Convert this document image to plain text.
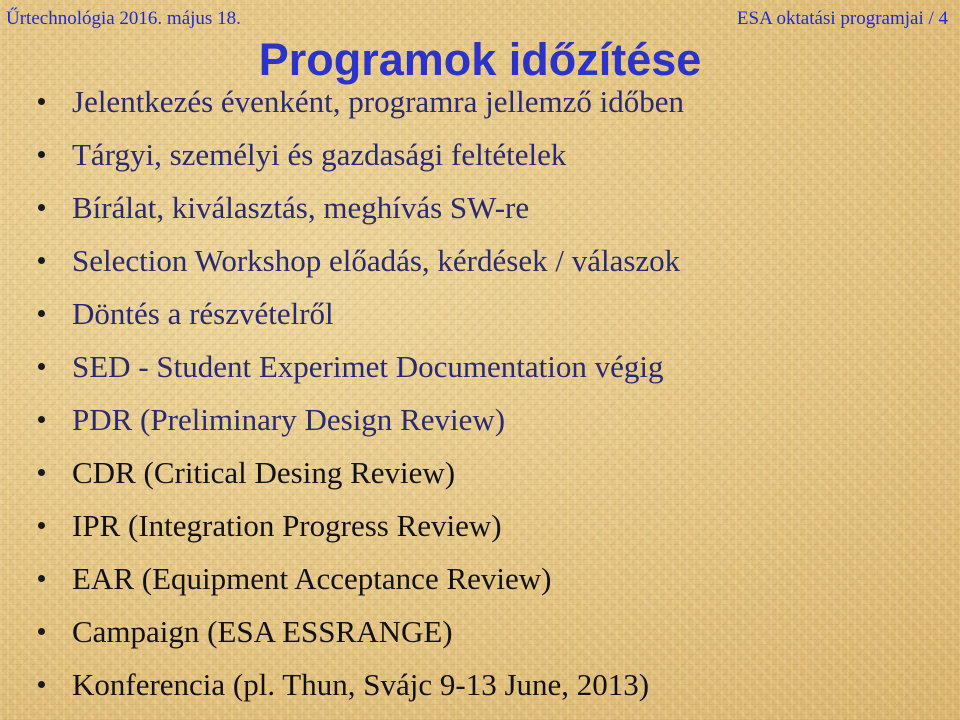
Űrtechnológia 2016. május 18.	ESA oktatási programjai / 4
Programok időzítése
Jelentkezés évenként, programra jellemző időben
Tárgyi, személyi és gazdasági feltételek
Bírálat, kiválasztás, meghívás SW-re
Selection Workshop előadás, kérdések / válaszok
Döntés a részvételről
SED - Student Experimet Documentation végig
PDR (Preliminary Design Review)
CDR (Critical Desing Review)
IPR (Integration Progress Review)
EAR (Equipment Acceptance Review)
Campaign (ESA ESSRANGE)
Konferencia (pl. Thun, Svájc 9-13 June, 2013)
